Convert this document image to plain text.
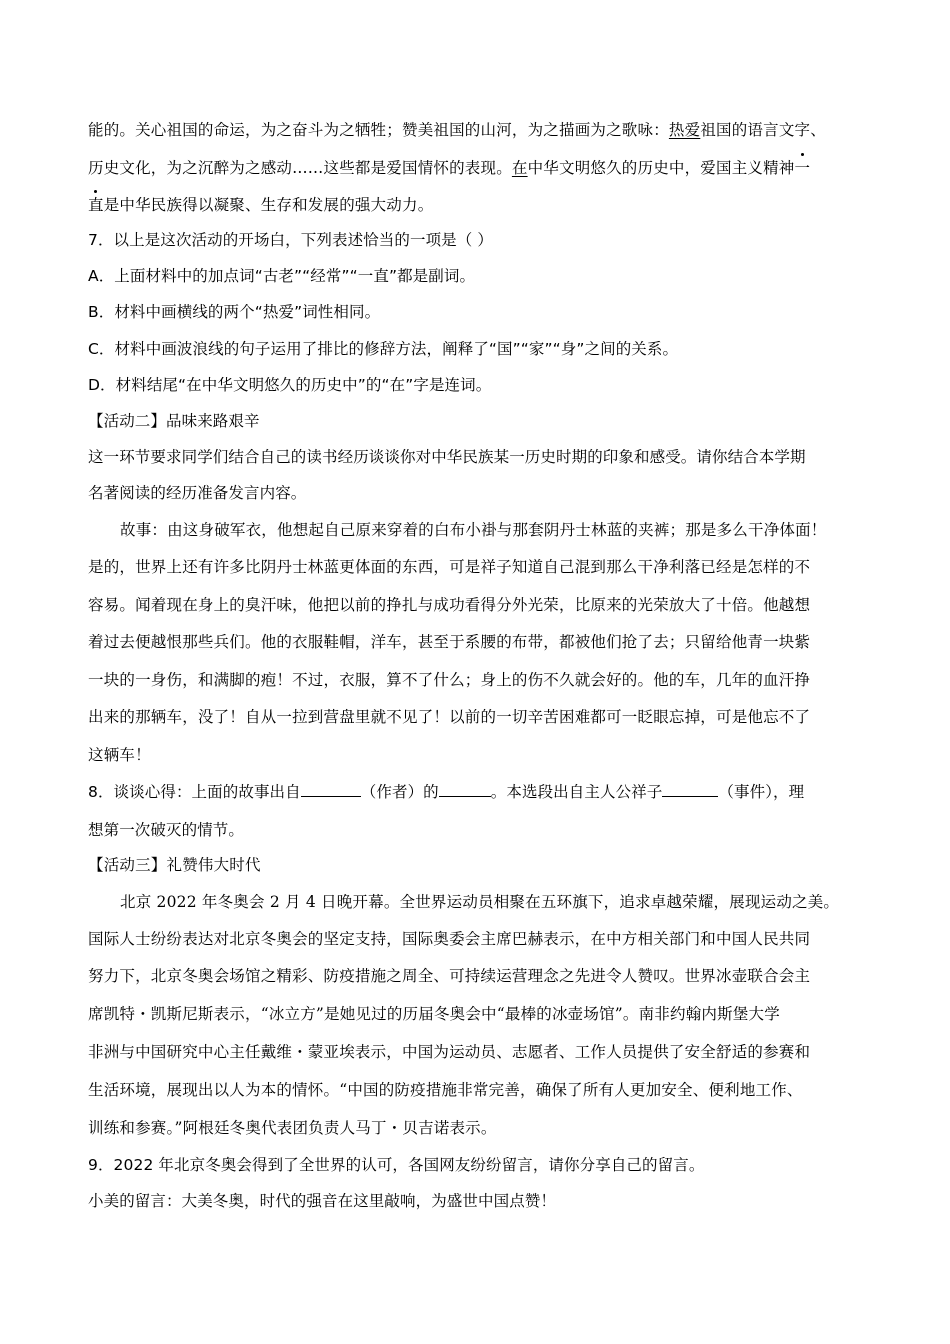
能的。关心祖国的命运，为之奋斗为之牺牲；赞美祖国的山河，为之描画为之歌咏：热爱祖国的语言文字、
历史文化，为之沉醉为之感动……这些都是爱国情怀的表现。在中华文明悠久的历史中，爱国主义精神一
直是中华民族得以凝聚、生存和发展的强大动力。
7．以上是这次活动的开场白，下列表述恰当的一项是（ ）
A．上面材料中的加点词“古老”“经常”“一直”都是副词。
B．材料中画横线的两个“热爱”词性相同。
C．材料中画波浪线的句子运用了排比的修辞方法，阐释了“国”“家”“身”之间的关系。
D．材料结尾“在中华文明悠久的历史中”的“在”字是连词。
【活动二】品味来路艰辛
这一环节要求同学们结合自己的读书经历谈谈你对中华民族某一历史时期的印象和感受。请你结合本学期
名著阅读的经历准备发言内容。
故事：由这身破军衣，他想起自己原来穿着的白布小褂与那套阴丹士林蓝的夹裤；那是多么干净体面！
是的，世界上还有许多比阴丹士林蓝更体面的东西，可是祥子知道自己混到那么干净利落已经是怎样的不
容易。闻着现在身上的臭汗味，他把以前的挣扎与成功看得分外光荣，比原来的光荣放大了十倍。他越想
着过去便越恨那些兵们。他的衣服鞋帽，洋车，甚至于系腰的布带，都被他们抢了去；只留给他青一块紫
一块的一身伤，和满脚的疱！不过，衣服，算不了什么；身上的伤不久就会好的。他的车，几年的血汗挣
出来的那辆车，没了！自从一拉到营盘里就不见了！以前的一切辛苦困难都可一眨眼忘掉，可是他忘不了
这辆车！
8．谈谈心得：上面的故事出自	（作者）的	。本选段出自主人公祥子	（事件），理
想第一次破灭的情节。
【活动三】礼赞伟大时代
北京 2022 年冬奥会 2 月 4 日晚开幕。全世界运动员相聚在五环旗下，追求卓越荣耀，展现运动之美。
国际人士纷纷表达对北京冬奥会的坚定支持，国际奥委会主席巴赫表示，在中方相关部门和中国人民共同
努力下，北京冬奥会场馆之精彩、防疫措施之周全、可持续运营理念之先进令人赞叹。世界冰壶联合会主
席凯特・凯斯尼斯表示，“冰立方”是她见过的历届冬奥会中“最棒的冰壶场馆”。南非约翰内斯堡大学
非洲与中国研究中心主任戴维・蒙亚埃表示，中国为运动员、志愿者、工作人员提供了安全舒适的参赛和
生活环境，展现出以人为本的情怀。“中国的防疫措施非常完善，确保了所有人更加安全、便利地工作、
训练和参赛。”阿根廷冬奥代表团负责人马丁・贝吉诺表示。
9．2022 年北京冬奥会得到了全世界的认可，各国网友纷纷留言，请你分享自己的留言。
小美的留言：大美冬奥，时代的强音在这里敲响，为盛世中国点赞！
